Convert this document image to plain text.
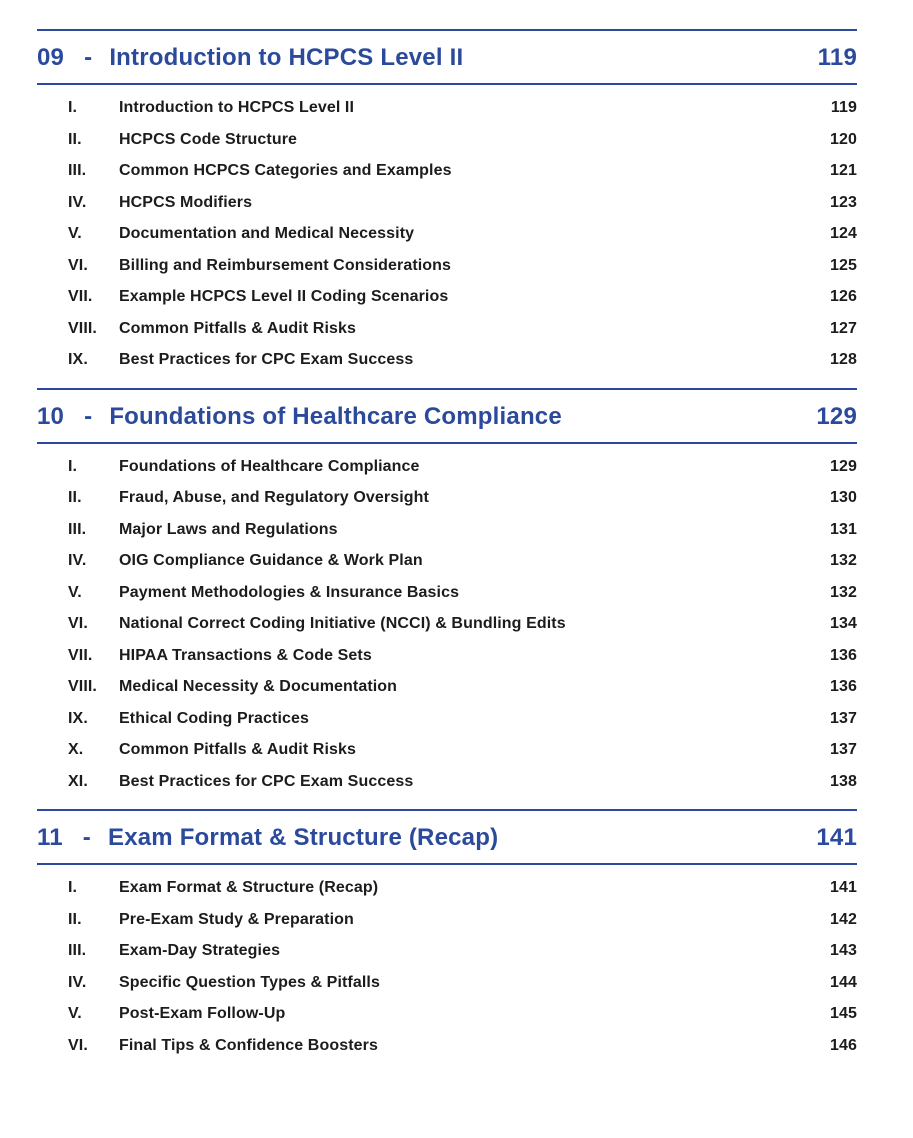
09 - Introduction to HCPCS Level II	119
I.	Introduction to HCPCS Level II	119
II.	HCPCS Code Structure	120
III.	Common HCPCS Categories and Examples	121
IV.	HCPCS Modifiers	123
V.	Documentation and Medical Necessity	124
VI.	Billing and Reimbursement Considerations	125
VII.	Example HCPCS Level II Coding Scenarios	126
VIII.	Common Pitfalls & Audit Risks	127
IX.	Best Practices for CPC Exam Success	128
10 - Foundations of Healthcare Compliance	129
I.	Foundations of Healthcare Compliance	129
II.	Fraud, Abuse, and Regulatory Oversight	130
III.	Major Laws and Regulations	131
IV.	OIG Compliance Guidance & Work Plan	132
V.	Payment Methodologies & Insurance Basics	132
VI.	National Correct Coding Initiative (NCCI) & Bundling Edits	134
VII.	HIPAA Transactions & Code Sets	136
VIII.	Medical Necessity & Documentation	136
IX.	Ethical Coding Practices	137
X.	Common Pitfalls & Audit Risks	137
XI.	Best Practices for CPC Exam Success	138
11 - Exam Format & Structure (Recap)	141
I.	Exam Format & Structure (Recap)	141
II.	Pre-Exam Study & Preparation	142
III.	Exam-Day Strategies	143
IV.	Specific Question Types & Pitfalls	144
V.	Post-Exam Follow-Up	145
VI.	Final Tips & Confidence Boosters	146
